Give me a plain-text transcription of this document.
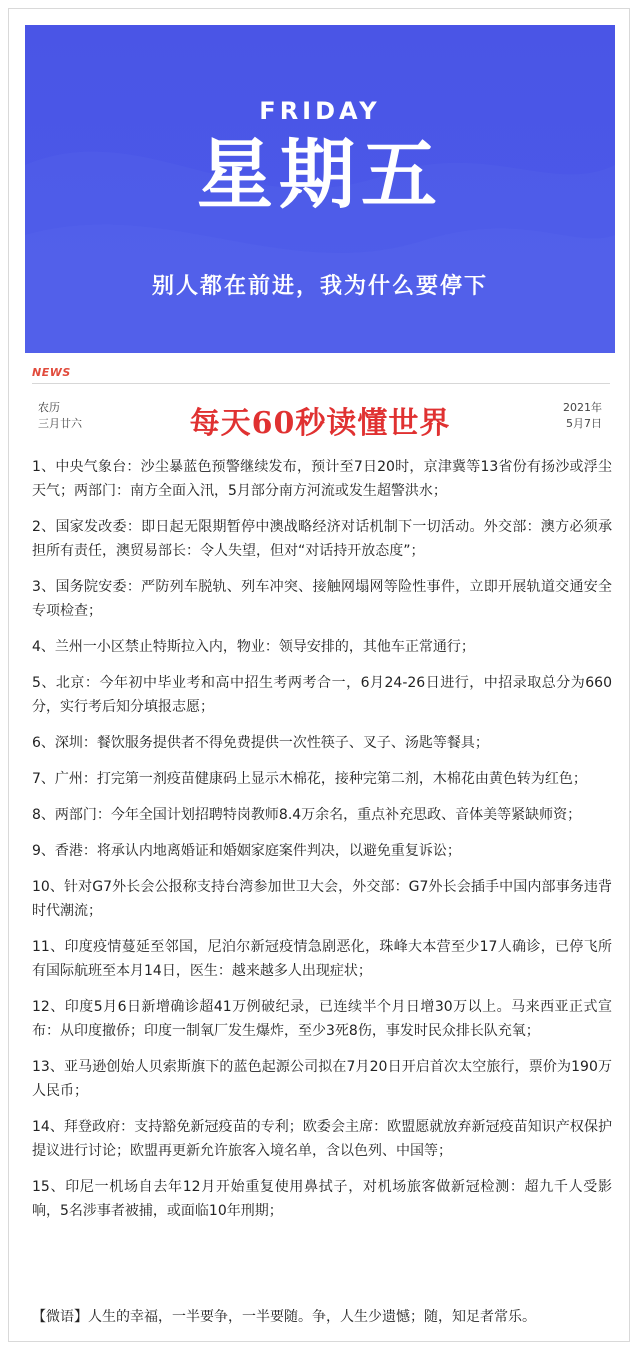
FRIDAY
星期五
别人都在前进，我为什么要停下
NEWS
农历
三月廿六	每天60秒读懂世界	2021年
5月7日
1、中央气象台：沙尘暴蓝色预警继续发布，预计至7日20时，京津冀等13省份有扬沙或浮尘天气；两部门：南方全面入汛，5月部分南方河流或发生超警洪水；
2、国家发改委：即日起无限期暂停中澳战略经济对话机制下一切活动。外交部：澳方必须承担所有责任，澳贸易部长：令人失望，但对“对话持开放态度”；
3、国务院安委：严防列车脱轨、列车冲突、接触网塌网等险性事件，立即开展轨道交通安全专项检查；
4、兰州一小区禁止特斯拉入内，物业：领导安排的，其他车正常通行；
5、北京：今年初中毕业考和高中招生考两考合一，6月24-26日进行，中招录取总分为660分，实行考后知分填报志愿；
6、深圳：餐饮服务提供者不得免费提供一次性筷子、叉子、汤匙等餐具；
7、广州：打完第一剂疫苗健康码上显示木棉花，接种完第二剂，木棉花由黄色转为红色；
8、两部门：今年全国计划招聘特岗教师8.4万余名，重点补充思政、音体美等紧缺师资；
9、香港：将承认内地离婚证和婚姻家庭案件判决，以避免重复诉讼；
10、针对G7外长会公报称支持台湾参加世卫大会，外交部：G7外长会插手中国内部事务违背时代潮流；
11、印度疫情蔓延至邻国，尼泊尔新冠疫情急剧恶化，珠峰大本营至少17人确诊，已停飞所有国际航班至本月14日，医生：越来越多人出现症状；
12、印度5月6日新增确诊超41万例破纪录，已连续半个月日增30万以上。马来西亚正式宣布：从印度撤侨；印度一制氧厂发生爆炸，至少3死8伤，事发时民众排长队充氧；
13、亚马逊创始人贝索斯旗下的蓝色起源公司拟在7月20日开启首次太空旅行，票价为190万人民币；
14、拜登政府：支持豁免新冠疫苗的专利；欧委会主席：欧盟愿就放弃新冠疫苗知识产权保护提议进行讨论；欧盟再更新允许旅客入境名单，含以色列、中国等；
15、印尼一机场自去年12月开始重复使用鼻拭子，对机场旅客做新冠检测：超九千人受影响，5名涉事者被捕，或面临10年刑期；
【微语】人生的幸福，一半要争，一半要随。争，人生少遗憾；随，知足者常乐。
